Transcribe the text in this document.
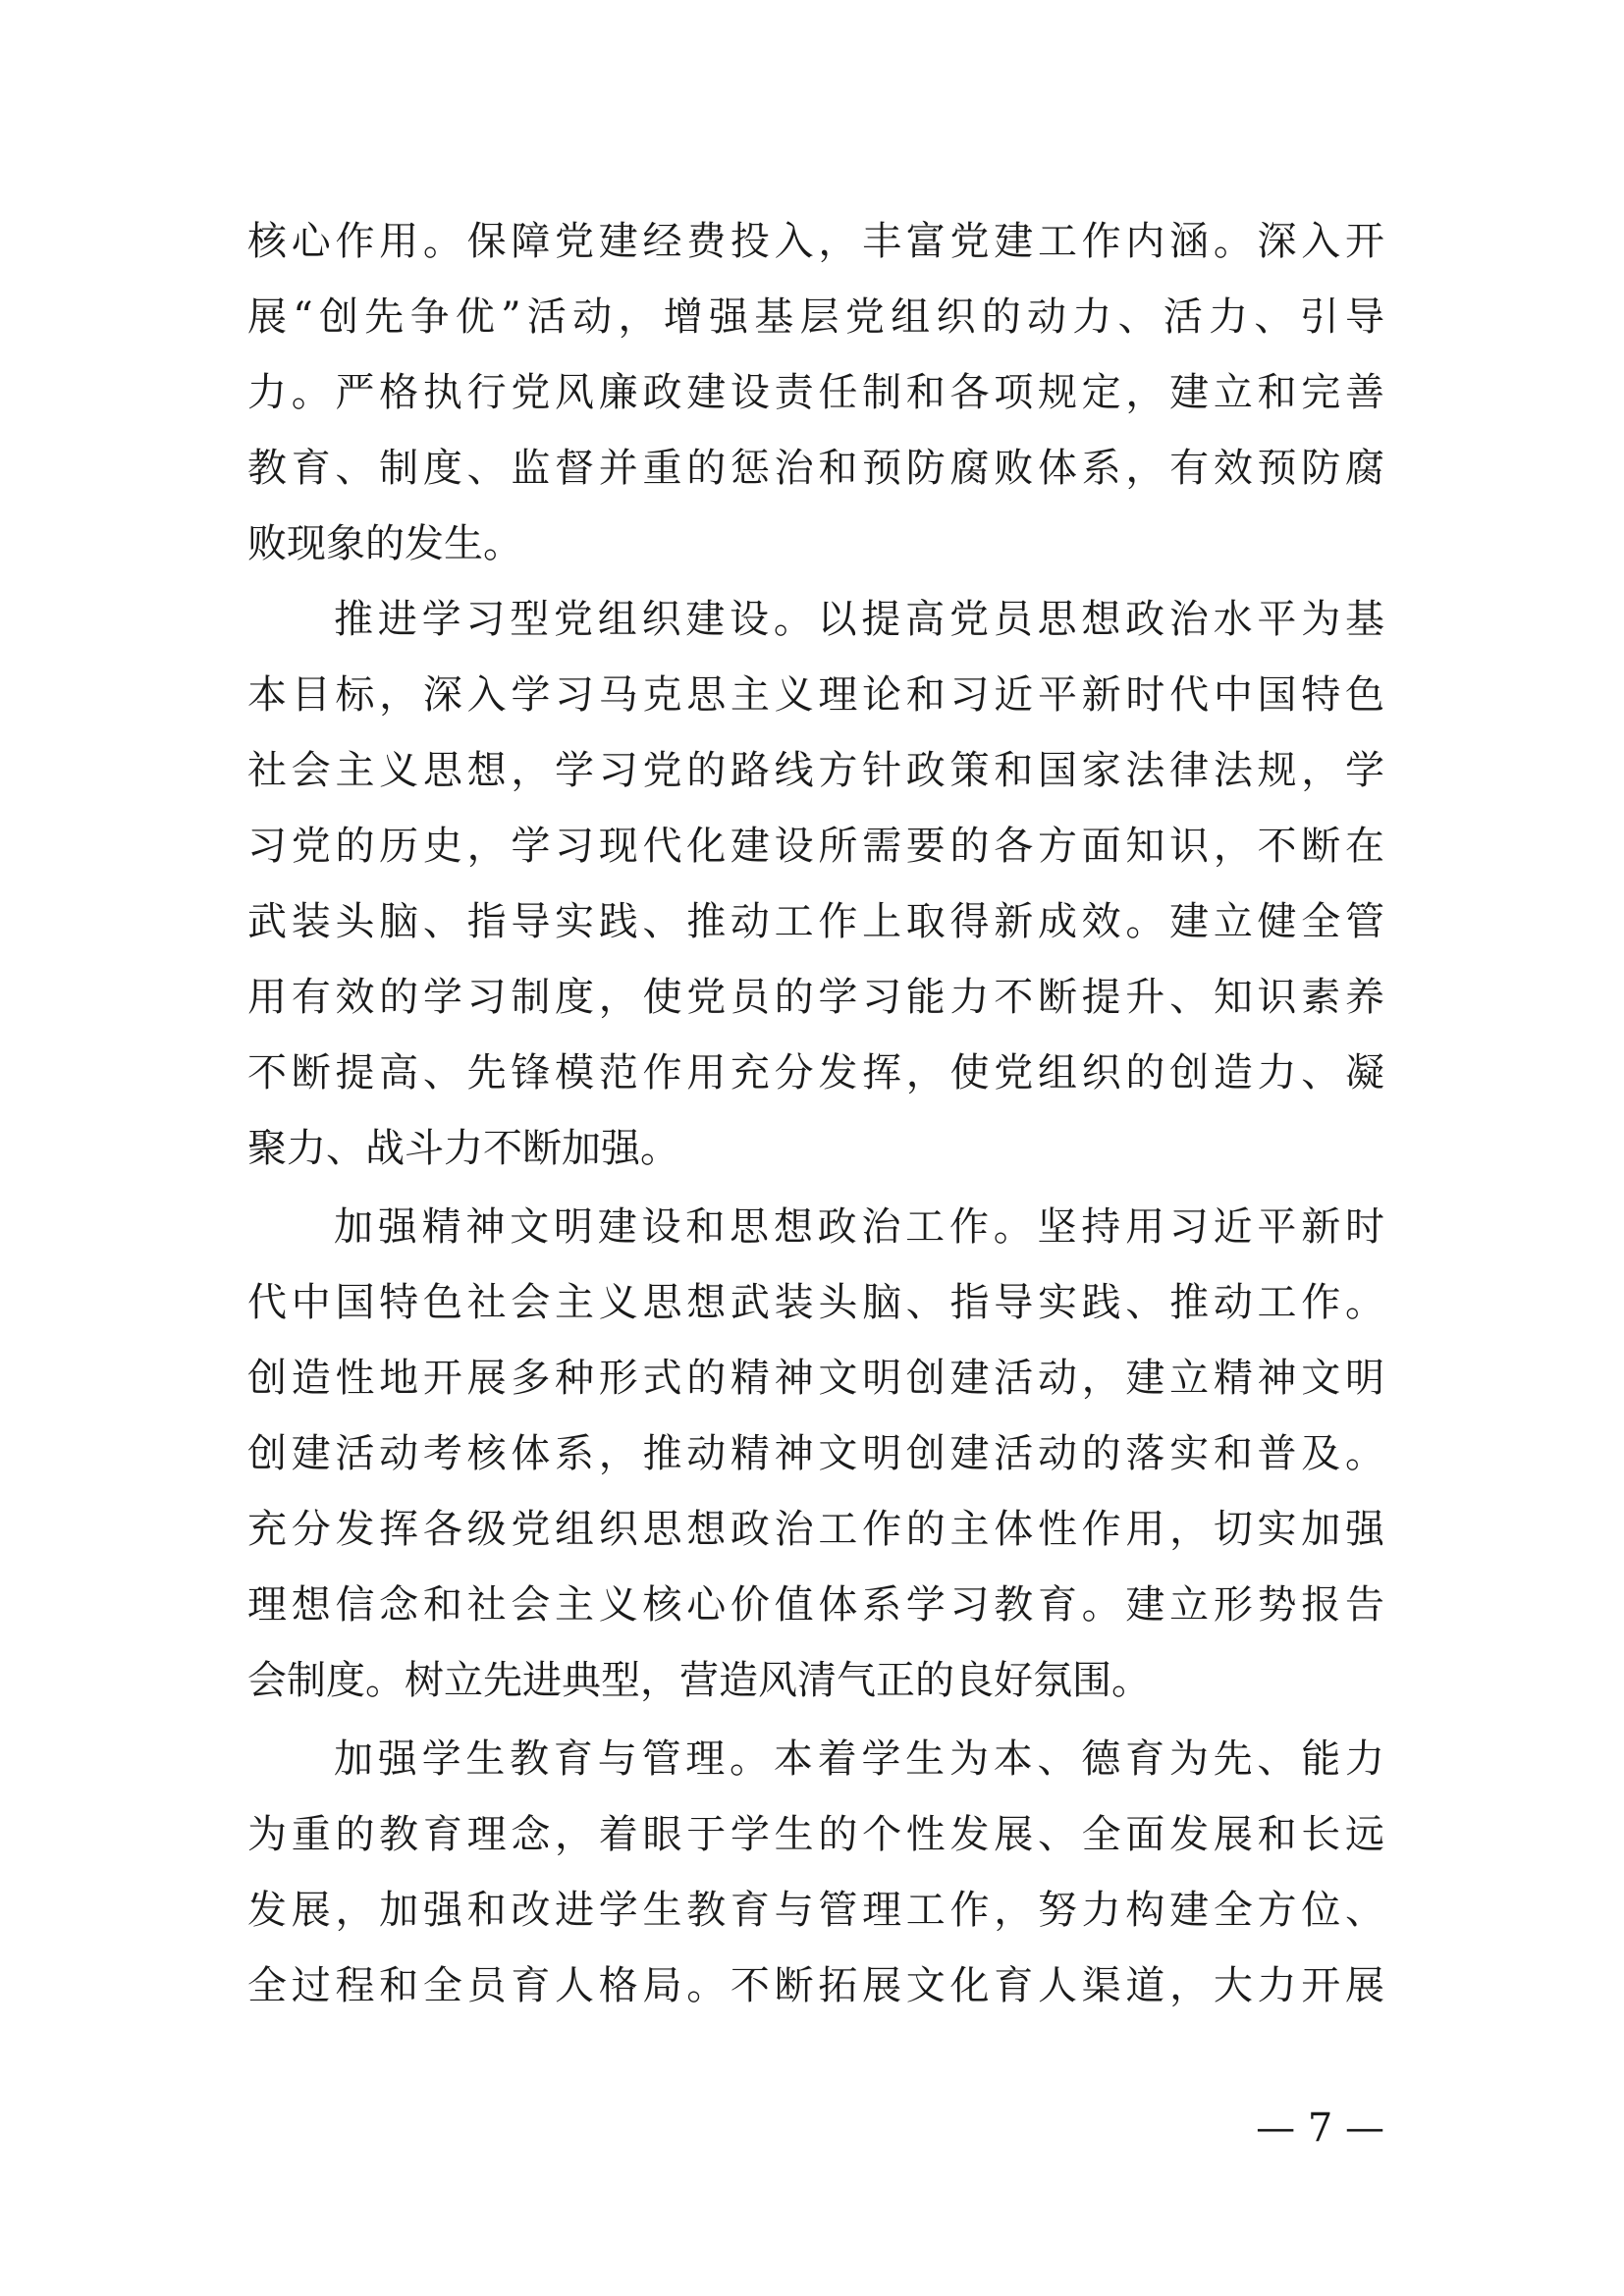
核心作用。保障党建经费投入，丰富党建工作内涵。深入开
展“创先争优”活动，增强基层党组织的动力、活力、引导
力。严格执行党风廉政建设责任制和各项规定，建立和完善
教育、制度、监督并重的惩治和预防腐败体系，有效预防腐
败现象的发生。
推进学习型党组织建设。以提高党员思想政治水平为基
本目标，深入学习马克思主义理论和习近平新时代中国特色
社会主义思想，学习党的路线方针政策和国家法律法规，学
习党的历史，学习现代化建设所需要的各方面知识，不断在
武装头脑、指导实践、推动工作上取得新成效。建立健全管
用有效的学习制度，使党员的学习能力不断提升、知识素养
不断提高、先锋模范作用充分发挥，使党组织的创造力、凝
聚力、战斗力不断加强。
加强精神文明建设和思想政治工作。坚持用习近平新时
代中国特色社会主义思想武装头脑、指导实践、推动工作。
创造性地开展多种形式的精神文明创建活动，建立精神文明
创建活动考核体系，推动精神文明创建活动的落实和普及。
充分发挥各级党组织思想政治工作的主体性作用，切实加强
理想信念和社会主义核心价值体系学习教育。建立形势报告
会制度。树立先进典型，营造风清气正的良好氛围。
加强学生教育与管理。本着学生为本、德育为先、能力
为重的教育理念，着眼于学生的个性发展、全面发展和长远
发展，加强和改进学生教育与管理工作，努力构建全方位、
全过程和全员育人格局。不断拓展文化育人渠道，大力开展
— 7 —
